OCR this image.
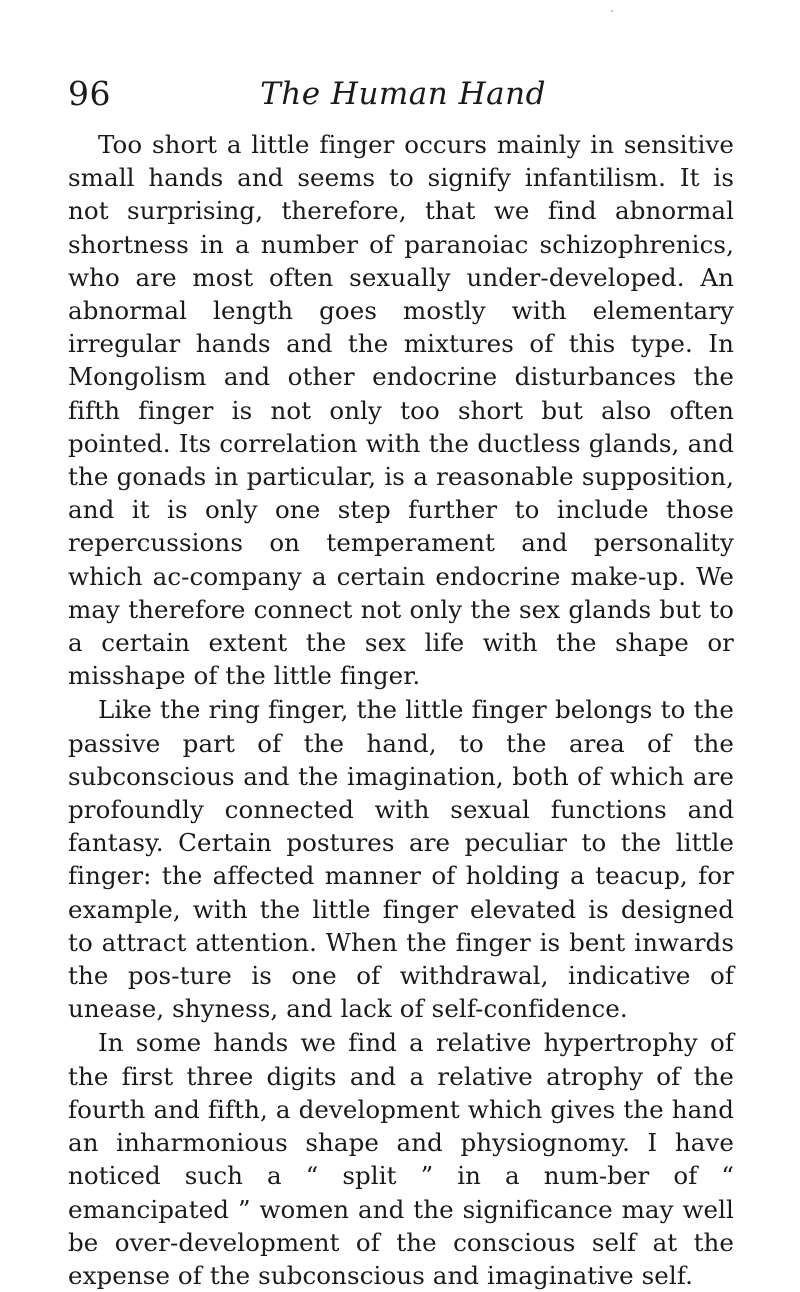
96	The Human Hand

Too short a little finger occurs mainly in sensitive small hands and seems to signify infantilism. It is not surprising, therefore, that we find abnormal shortness in a number of paranoiac schizophrenics, who are most often sexually under-developed. An abnormal length goes mostly with elementary irregular hands and the mixtures of this type. In Mongolism and other endocrine disturbances the fifth finger is not only too short but also often pointed. Its correlation with the ductless glands, and the gonads in particular, is a reasonable supposition, and it is only one step further to include those repercussions on temperament and personality which ac-company a certain endocrine make-up. We may therefore connect not only the sex glands but to a certain extent the sex life with the shape or misshape of the little finger.

Like the ring finger, the little finger belongs to the passive part of the hand, to the area of the subconscious and the imagination, both of which are profoundly connected with sexual functions and fantasy. Certain postures are peculiar to the little finger: the affected manner of holding a teacup, for example, with the little finger elevated is designed to attract attention. When the finger is bent inwards the pos-ture is one of withdrawal, indicative of unease, shyness, and lack of self-confidence.

In some hands we find a relative hypertrophy of the first three digits and a relative atrophy of the fourth and fifth, a development which gives the hand an inharmonious shape and physiognomy. I have noticed such a “ split ” in a num-ber of “ emancipated ” women and the significance may well be over-development of the conscious self at the expense of the subconscious and imaginative self.
